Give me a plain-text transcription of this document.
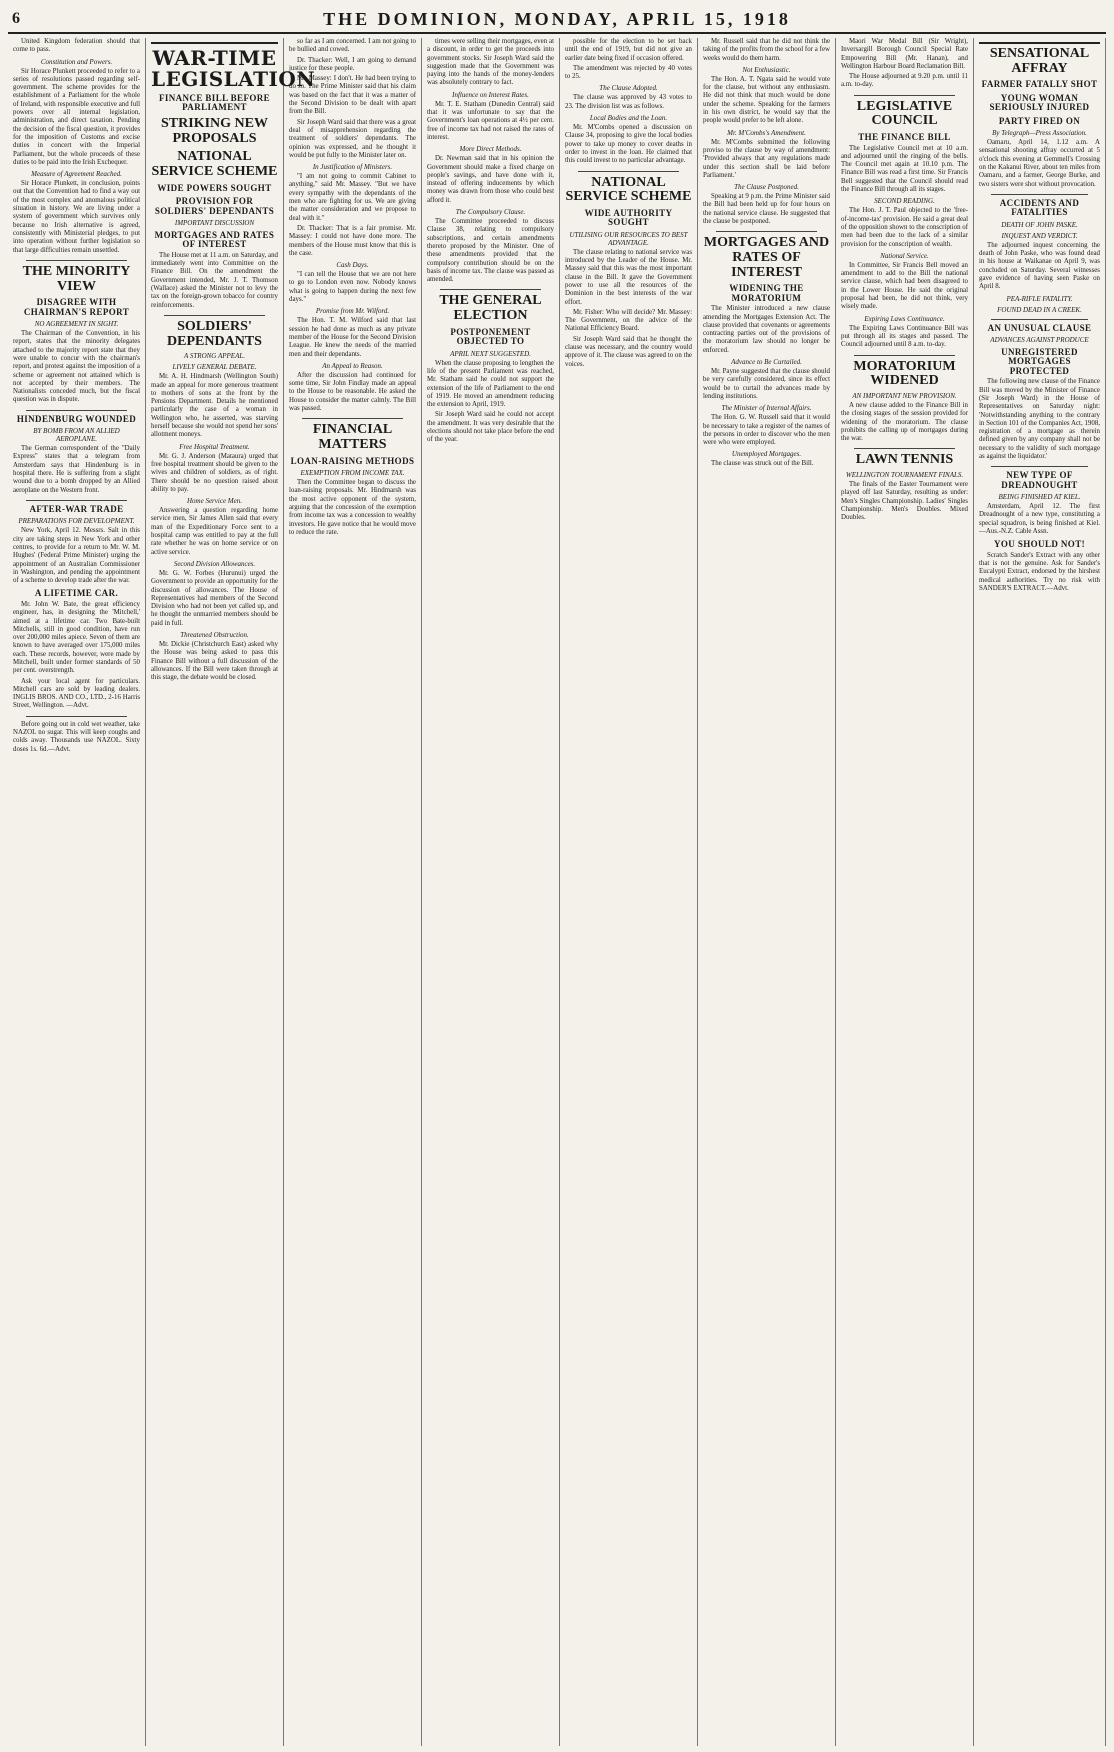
6	THE DOMINION, MONDAY, APRIL 15, 1918

United Kingdom federation should that come to pass.

Constitution and Powers.

Sir Horace Plunkett proceeded to refer to a series of resolutions passed regarding self-government. The scheme provides for the establishment of a Parliament for the whole of Ireland, with responsible executive and full powers over all internal legislation, administration, and direct taxation. Pending the decision of the fiscal question, it provides for the imposition of Customs and excise duties in concert with the Imperial Parliament, but the whole proceeds of these duties to be paid into the Irish Exchequer.

Measure of Agreement Reached.

Sir Horace Plunkett, in conclusion, points out that the Convention had to find a way out of the most complex and anomalous political situation in history. We are living under a system of government which survives only because no Irish alternative is agreed, consistently with Ministerial pledges, to put into operation without further legislation so that large difficulties remain unsettled.

THE MINORITY VIEW
DISAGREE WITH CHAIRMAN'S REPORT
NO AGREEMENT IN SIGHT.

The Chairman of the Convention, in his report, states that the minority delegates attached to the majority report state that they were unable to concur with the chairman's report, and protest against the imposition of a scheme or agreement not attained which is not accepted by their members. The Nationalists conceded much, but the fiscal question was in dispute.

HINDENBURG WOUNDED
BY BOMB FROM AN ALLIED AEROPLANE.

The German correspondent of the "Daily Express" states that a telegram from Amsterdam says that Hindenburg is in hospital there. He is suffering from a slight wound due to a bomb dropped by an Allied aeroplane on the Western front.

AFTER-WAR TRADE
PREPARATIONS FOR DEVELOPMENT.

New York, April 12. Messrs. Salt in this city are taking steps in New York and other centres, to provide for a return to Mr. W. M. Hughes' (Federal Prime Minister) urging the appointment of an Australian Commissioner in Washington, and pending the appointment of a scheme to develop trade after the war.

A LIFETIME CAR.

Mr. John W. Bate, the great efficiency engineer, has, in designing the 'Mitchell,' aimed at a lifetime car. Two Bate-built Mitchells, still in good condition, have run over 200,000 miles apiece. Seven of them are known to have averaged over 175,000 miles each. These records, however, were made by Mitchell, built under former standards of 50 per cent. overstrength.

Ask your local agent for particulars. Mitchell cars are sold by leading dealers. INGLIS BROS. AND CO., LTD., 2-16 Harris Street, Wellington. —Advt.

Before going out in cold wet weather, take NAZOL no sugar. This will keep coughs and colds away. Thousands use NAZOL. Sixty doses 1s. 6d.—Advt.

WAR-TIME LEGISLATION
FINANCE BILL BEFORE PARLIAMENT
STRIKING NEW PROPOSALS
NATIONAL SERVICE SCHEME
WIDE POWERS SOUGHT
PROVISION FOR SOLDIERS' DEPENDANTS
IMPORTANT DISCUSSION
MORTGAGES AND RATES OF INTEREST

The House met at 11 a.m. on Saturday, and immediately went into Committee on the Finance Bill. On the amendment the Government intended, Mr. J. T. Thomson (Wallace) asked the Minister not to levy the tax on the foreign-grown tobacco for country reinforcements.

SOLDIERS' DEPENDANTS
A STRONG APPEAL.
LIVELY GENERAL DEBATE.

Mr. A. H. Hindmarsh (Wellington South) made an appeal for more generous treatment to mothers of sons at the front by the Pensions Department. Details he mentioned particularly the case of a woman in Wellington who, he asserted, was starving herself because she would not spend her sons' allotment moneys.

Free Hospital Treatment.

Mr. G. J. Anderson (Mataura) urged that free hospital treatment should be given to the wives and children of soldiers, as of right. There should be no question raised about ability to pay.

Home Service Men.

Answering a question regarding home service men, Sir James Allen said that every man of the Expeditionary Force sent to a hospital camp was entitled to pay at the full rate whether he was on home service or on active service.

Second Division Allowances.

Mr. G. W. Forbes (Hurunui) urged the Government to provide an opportunity for the discussion of allowances. The House of Representatives had members of the Second Division who had not been yet called up, and he thought the unmarried members should be paid in full.

Threatened Obstruction.

Mr. Dickie (Christchurch East) asked why the House was being asked to pass this Finance Bill without a full discussion of the allowances. If the Bill were taken through at this stage, the debate would be closed.

so far as I am concerned. I am not going to be bullied and cowed.

Dr. Thacker: Well, I am going to demand justice for these people.

Mr. Massey: I don't. He had been trying to do so. The Prime Minister said that his claim was based on the fact that it was a matter of the Second Division to be dealt with apart from the Bill.

Sir Joseph Ward said that there was a great deal of misapprehension regarding the treatment of soldiers' dependants. The opinion was expressed, and he thought it would be put fully to the Minister later on.

In Justification of Ministers.

"I am not going to commit Cabinet to anything," said Mr. Massey. "But we have every sympathy with the dependants of the men who are fighting for us. We are giving the matter consideration and we propose to deal with it."

Dr. Thacker: That is a fair promise. Mr. Massey: I could not have done more. The members of the House must know that this is the case.

Cash Days.

"I can tell the House that we are not here to go to London even now. Nobody knows what is going to happen during the next few days."

Promise from Mr. Wilford.

The Hon. T. M. Wilford said that last session he had done as much as any private member of the House for the Second Division League. He knew the needs of the married men and their dependants.

An Appeal to Reason.

After the discussion had continued for some time, Sir John Findlay made an appeal to the House to be reasonable. He asked the House to consider the matter calmly. The Bill was passed.

FINANCIAL MATTERS
LOAN-RAISING METHODS
EXEMPTION FROM INCOME TAX.

Then the Committee began to discuss the loan-raising proposals. Mr. Hindmarsh was the most active opponent of the system, arguing that the concession of the exemption from income tax was a concession to wealthy investors. He gave notice that he would move to reduce the rate.

times were selling their mortgages, even at a discount, in order to get the proceeds into government stocks. Sir Joseph Ward said the suggestion made that the Government was paying into the hands of the money-lenders was absolutely contrary to fact.

Influence on Interest Rates.

Mr. T. E. Statham (Dunedin Central) said that it was unfortunate to say that the Government's loan operations at 4½ per cent. free of income tax had not raised the rates of interest.

More Direct Methods.

Dr. Newman said that in his opinion the Government should make a fixed charge on people's savings, and have done with it, instead of offering inducements by which money was drawn from those who could best afford it.

The Compulsory Clause.

The Committee proceeded to discuss Clause 38, relating to compulsory subscriptions, and certain amendments thereto proposed by the Minister. One of these amendments provided that the compulsory contribution should be on the basis of income tax. The clause was passed as amended.

THE GENERAL ELECTION
POSTPONEMENT OBJECTED TO
APRIL NEXT SUGGESTED.

When the clause proposing to lengthen the life of the present Parliament was reached, Mr. Statham said he could not support the extension of the life of Parliament to the end of 1919. He moved an amendment reducing the extension to April, 1919.

Sir Joseph Ward said he could not accept the amendment. It was very desirable that the elections should not take place before the end of the year.

possible for the election to be set back until the end of 1919, but did not give an earlier date being fixed if occasion offered.

The amendment was rejected by 40 votes to 25.

The Clause Adopted.

The clause was approved by 43 votes to 23. The division list was as follows.

Local Bodies and the Loan.

Mr. M'Combs opened a discussion on Clause 34, proposing to give the local bodies power to take up money to cover deaths in order to invest in the loan. He claimed that this could invest to no particular advantage.

NATIONAL SERVICE SCHEME
WIDE AUTHORITY SOUGHT
UTILISING OUR RESOURCES TO BEST ADVANTAGE.

The clause relating to national service was introduced by the Leader of the House. Mr. Massey said that this was the most important clause in the Bill. It gave the Government power to use all the resources of the Dominion in the best interests of the war effort.

Mr. Fisher: Who will decide? Mr. Massey: The Government, on the advice of the National Efficiency Board.

Sir Joseph Ward said that he thought the clause was necessary, and the country would approve of it. The clause was agreed to on the voices.

Mr. Russell said that he did not think the taking of the profits from the school for a few weeks would do them harm.

Not Enthusiastic.

The Hon. A. T. Ngata said he would vote for the clause, but without any enthusiasm. He did not think that much would be done under the scheme. Speaking for the farmers in his own district, he would say that the people would prefer to be left alone.

Mr. M'Combs's Amendment.

Mr. M'Combs submitted the following proviso to the clause by way of amendment: 'Provided always that any regulations made under this section shall be laid before Parliament.'

The Clause Postponed.

Speaking at 9 p.m. the Prime Minister said the Bill had been held up for four hours on the national service clause. He suggested that the clause be postponed.

MORTGAGES AND RATES OF INTEREST
WIDENING THE MORATORIUM

The Minister introduced a new clause amending the Mortgages Extension Act. The clause provided that covenants or agreements contracting parties out of the provisions of the moratorium law should no longer be enforced.

Advance to Be Curtailed.

Mr. Payne suggested that the clause should be very carefully considered, since its effect would be to curtail the advances made by lending institutions.

The Minister of Internal Affairs.

The Hon. G. W. Russell said that it would be necessary to take a register of the names of the persons in order to discover who the men were who were employed.

Unemployed Mortgages.

The clause was struck out of the Bill.

Maori War Medal Bill (Sir Wright), Inversargill Borough Council Special Rate Empowering Bill (Mr. Hanan), and Wellington Harbour Board Reclamation Bill.

The House adjourned at 9.20 p.m. until 11 a.m. to-day.

LEGISLATIVE COUNCIL
THE FINANCE BILL

The Legislative Council met at 10 a.m. and adjourned until the ringing of the bells. The Council met again at 10.10 p.m. The Finance Bill was read a first time. Sir Francis Bell suggested that the Council should read the Finance Bill through all its stages.

SECOND READING.

The Hon. J. T. Paul objected to the 'free-of-income-tax' provision. He said a great deal of the opposition shown to the conscription of men had been due to the lack of a similar provision for the conscription of wealth.

National Service.

In Committee, Sir Francis Bell moved an amendment to add to the Bill the national service clause, which had been disagreed to in the Lower House. He said the original proposal had been, he did not think, very wisely made.

Expiring Laws Continuance.

The Expiring Laws Continuance Bill was put through all its stages and passed. The Council adjourned until 8 a.m. to-day.

MORATORIUM WIDENED
AN IMPORTANT NEW PROVISION.

A new clause added to the Finance Bill in the closing stages of the session provided for widening of the moratorium. The clause prohibits the calling up of mortgages during the war.

LAWN TENNIS
WELLINGTON TOURNAMENT FINALS.

The finals of the Easter Tournament were played off last Saturday, resulting as under: Men's Singles Championship. Ladies' Singles Championship. Men's Doubles. Mixed Doubles.

SENSATIONAL AFFRAY
FARMER FATALLY SHOT
YOUNG WOMAN SERIOUSLY INJURED
PARTY FIRED ON
By Telegraph—Press Association.

Oamaru, April 14, 1.12 a.m. A sensational shooting affray occurred at 5 o'clock this evening at Gemmell's Crossing on the Kakanui River, about ten miles from Oamaru, and a farmer, George Burke, and two sisters were shot without provocation.

ACCIDENTS AND FATALITIES
DEATH OF JOHN PASKE.
INQUEST AND VERDICT.

The adjourned inquest concerning the death of John Paske, who was found dead in his house at Waikanae on April 9, was concluded on Saturday. Several witnesses gave evidence of having seen Paske on April 8.

PEA-RIFLE FATALITY.
FOUND DEAD IN A CREEK.
AN UNUSUAL CLAUSE
ADVANCES AGAINST PRODUCE
UNREGISTERED MORTGAGES PROTECTED

The following new clause of the Finance Bill was moved by the Minister of Finance (Sir Joseph Ward) in the House of Representatives on Saturday night: 'Notwithstanding anything to the contrary in Section 101 of the Companies Act, 1908, registration of a mortgage as therein defined given by any company shall not be necessary to the validity of such mortgage as against the liquidator.'

NEW TYPE OF DREADNOUGHT
BEING FINISHED AT KIEL.

Amsterdam, April 12. The first Dreadnought of a new type, constituting a special squadron, is being finished at Kiel.—Aus.-N.Z. Cable Assn.

YOU SHOULD NOT!

Scratch Sander's Extract with any other that is not the genuine. Ask for Sander's Eucalypti Extract, endorsed by the hirshest medical authorities. Try no risk with SANDER'S EXTRACT.—Advt.
